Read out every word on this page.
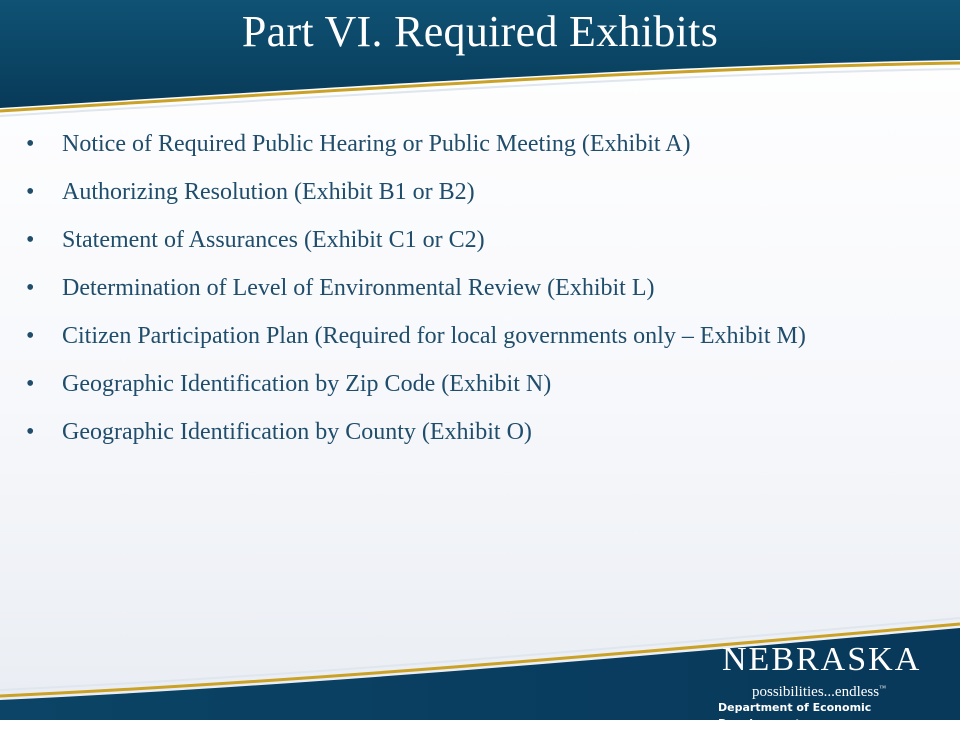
Part VI. Required Exhibits
• Notice of Required Public Hearing or Public Meeting (Exhibit A)
• Authorizing Resolution (Exhibit B1 or B2)
• Statement of Assurances (Exhibit C1 or C2)
• Determination of Level of Environmental Review (Exhibit L)
• Citizen Participation Plan (Required for local governments only – Exhibit M)
• Geographic Identification by Zip Code (Exhibit N)
• Geographic Identification by County (Exhibit O)
NEBRASKA
possibilities...endless™
Department of Economic Development
